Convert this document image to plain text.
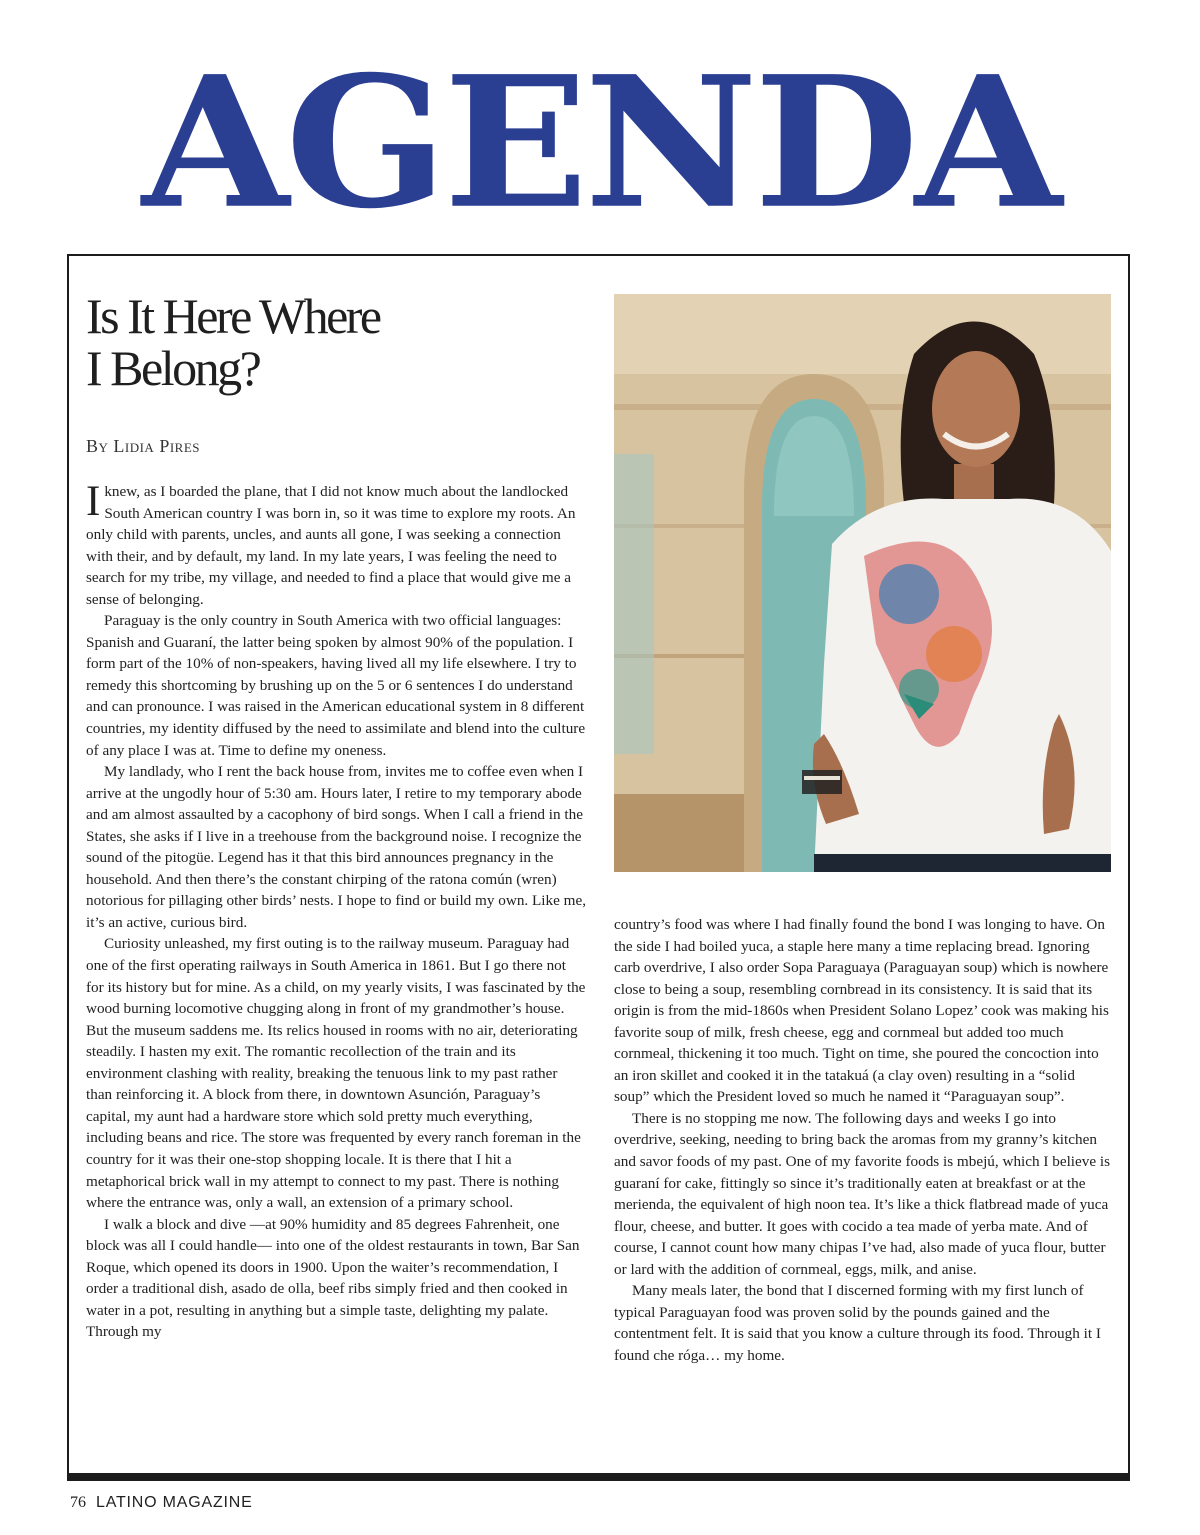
AGENDA
Is It Here Where
I Belong?
By Lidia Pires

Iknew, as I boarded the plane, that I did not know much about the landlocked South American country I was born in, so it was time to explore my roots. An only child with parents, uncles, and aunts all gone, I was seeking a connection with their, and by default, my land. In my late years, I was feeling the need to search for my tribe, my village, and needed to find a place that would give me a sense of belonging.

Paraguay is the only country in South America with two official languages: Spanish and Guaraní, the latter being spoken by almost 90% of the population. I form part of the 10% of non-speakers, having lived all my life elsewhere. I try to remedy this shortcoming by brushing up on the 5 or 6 sentences I do understand and can pronounce. I was raised in the American educational system in 8 different countries, my identity diffused by the need to assimilate and blend into the culture of any place I was at. Time to define my oneness.

My landlady, who I rent the back house from, invites me to coffee even when I arrive at the ungodly hour of 5:30 am. Hours later, I retire to my temporary abode and am almost assaulted by a cacophony of bird songs. When I call a friend in the States, she asks if I live in a treehouse from the background noise. I recognize the sound of the pitogüe. Legend has it that this bird announces pregnancy in the household. And then there’s the constant chirping of the ratona común (wren) notorious for pillaging other birds’ nests. I hope to find or build my own. Like me, it’s an active, curious bird.

Curiosity unleashed, my first outing is to the railway museum. Paraguay had one of the first operating railways in South America in 1861. But I go there not for its history but for mine. As a child, on my yearly visits, I was fascinated by the wood burning locomotive chugging along in front of my grandmother’s house. But the museum saddens me. Its relics housed in rooms with no air, deteriorating steadily. I hasten my exit. The romantic recollection of the train and its environment clashing with reality, breaking the tenuous link to my past rather than reinforcing it. A block from there, in downtown Asunción, Paraguay’s capital, my aunt had a hardware store which sold pretty much everything, including beans and rice. The store was frequented by every ranch foreman in the country for it was their one-stop shopping locale. It is there that I hit a metaphorical brick wall in my attempt to connect to my past. There is nothing where the entrance was, only a wall, an extension of a primary school.

I walk a block and dive —at 90% humidity and 85 degrees Fahrenheit, one block was all I could handle— into one of the oldest restaurants in town, Bar San Roque, which opened its doors in 1900. Upon the waiter’s recommendation, I order a traditional dish, asado de olla, beef ribs simply fried and then cooked in water in a pot, resulting in anything but a simple taste, delighting my palate. Through my

country’s food was where I had finally found the bond I was longing to have. On the side I had boiled yuca, a staple here many a time replacing bread. Ignoring carb overdrive, I also order Sopa Paraguaya (Paraguayan soup) which is nowhere close to being a soup, resembling cornbread in its consistency. It is said that its origin is from the mid-1860s when President Solano Lopez’ cook was making his favorite soup of milk, fresh cheese, egg and cornmeal but added too much cornmeal, thickening it too much. Tight on time, she poured the concoction into an iron skillet and cooked it in the tatakuá (a clay oven) resulting in a “solid soup” which the President loved so much he named it “Paraguayan soup”.

There is no stopping me now. The following days and weeks I go into overdrive, seeking, needing to bring back the aromas from my granny’s kitchen and savor foods of my past. One of my favorite foods is mbejú, which I believe is guaraní for cake, fittingly so since it’s traditionally eaten at breakfast or at the merienda, the equivalent of high noon tea. It’s like a thick flatbread made of yuca flour, cheese, and butter. It goes with cocido a tea made of yerba mate. And of course, I cannot count how many chipas I’ve had, also made of yuca flour, butter or lard with the addition of cornmeal, eggs, milk, and anise.

Many meals later, the bond that I discerned forming with my first lunch of typical Paraguayan food was proven solid by the pounds gained and the contentment felt. It is said that you know a culture through its food. Through it I found che róga… my home.

76 LATINO MAGAZINE
